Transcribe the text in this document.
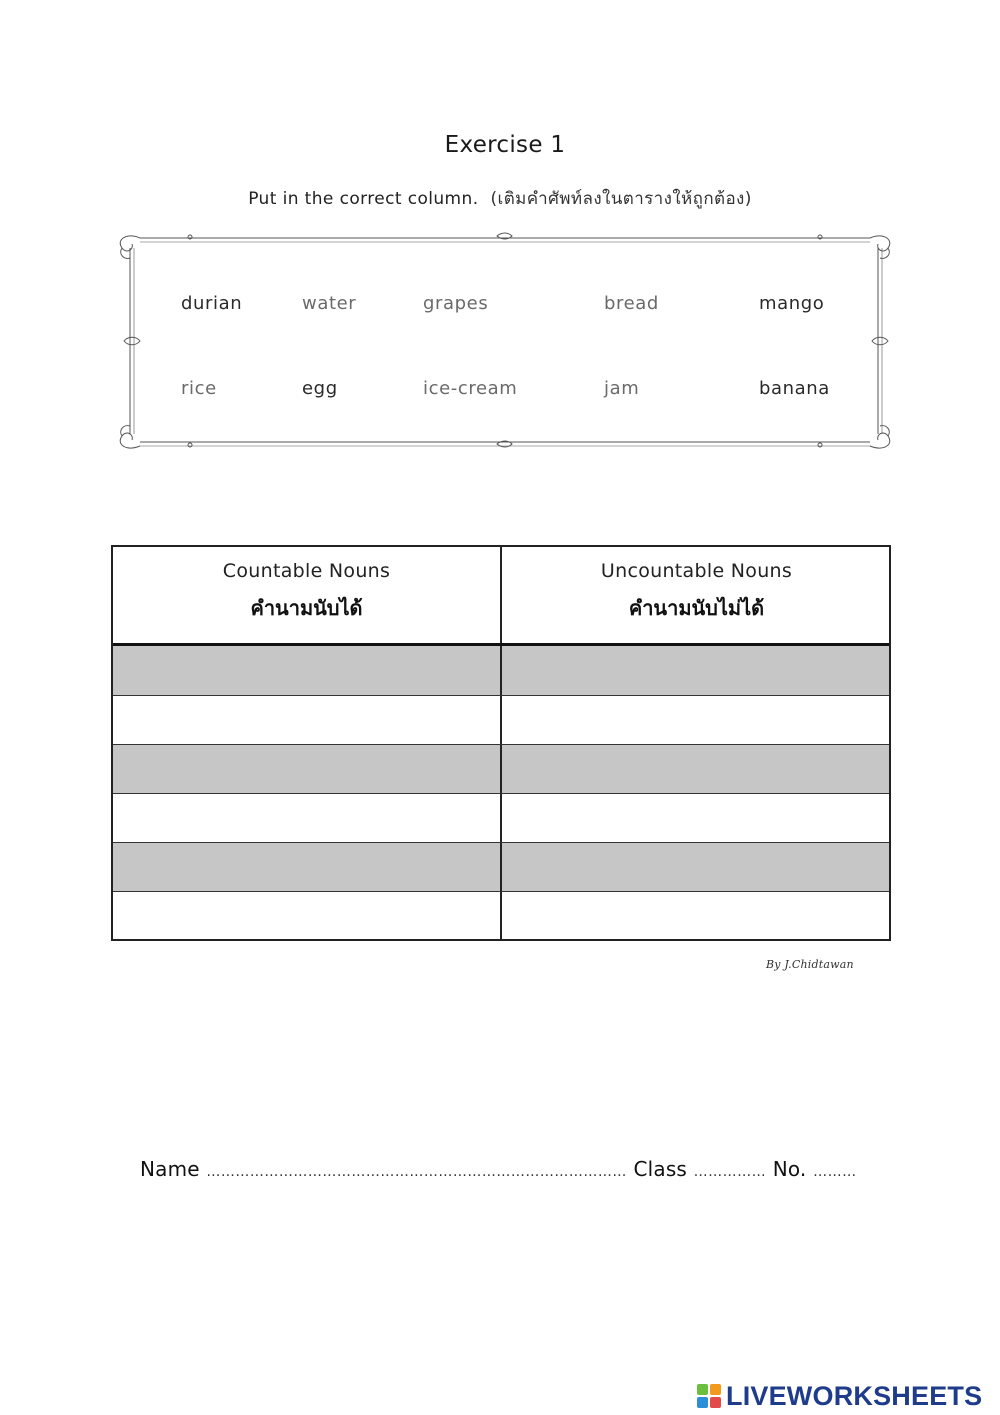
Exercise 1
Put in the correct column. (เติมคำศัพท์ลงในตารางให้ถูกต้อง)
durian	water	grapes	bread	mango
rice	egg	ice-cream	jam	banana
Countable Nouns
คำนามนับได้
Uncountable Nouns
คำนามนับไม่ได้
By J.Chidtawan
Name …………………………………………………………………………… Class …………… No. ………
LIVEWORKSHEETS
